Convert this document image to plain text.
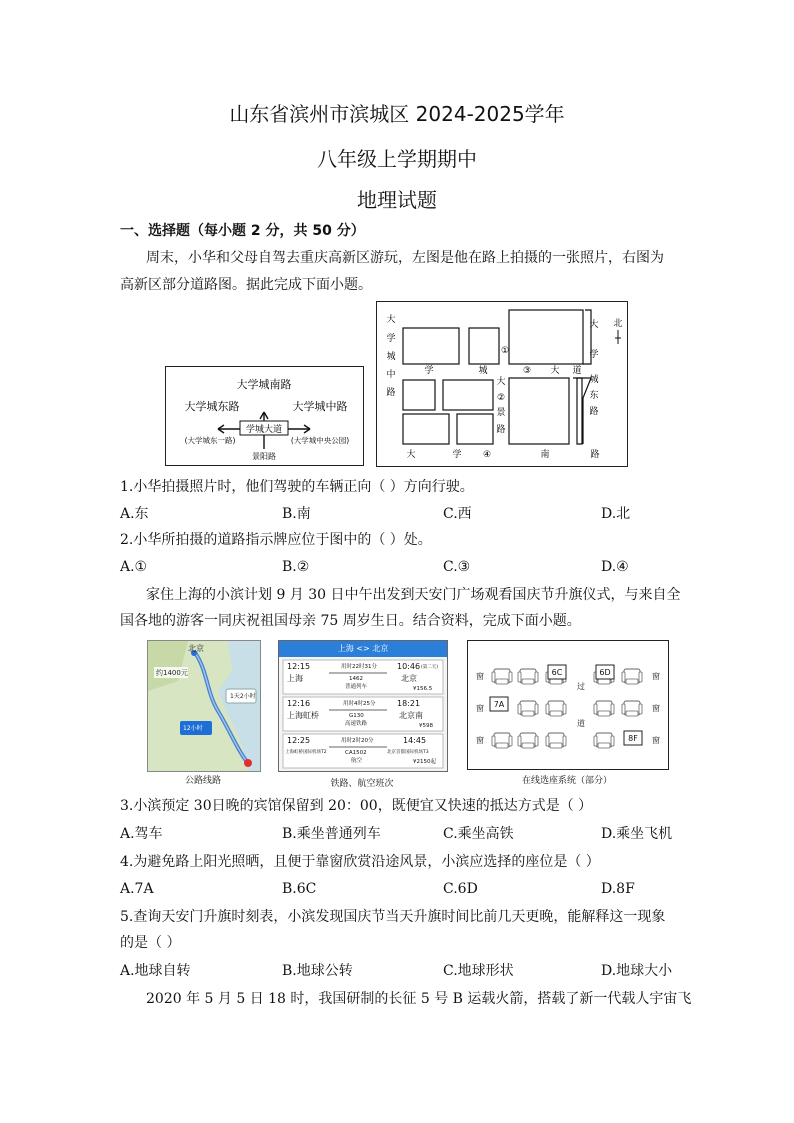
山东省滨州市滨城区 2024-2025学年
八年级上学期期中
地理试题
一、选择题（每小题 2 分，共 50 分）
周末，小华和父母自驾去重庆高新区游玩，左图是他在路上拍摄的一张照片，右图为
高新区部分道路图。据此完成下面小题。
大学城南路
大学城东路	大学城中路
学城大道
(大学城东一路)	(大学城中央公园)
景阳路
大
学
城
中
路
大
学
城
东
路
大
②
景
路
学	城	③ 大 道
大	学 ④	南	路
①
北
1.小华拍摄照片时，他们驾驶的车辆正向（ ）方向行驶。
A.东	B.南	C.西	D.北
2.小华所拍摄的道路指示牌应位于图中的（ ）处。
A.①	B.②	C.③	D.④
家住上海的小滨计划 9 月 30 日中午出发到天安门广场观看国庆节升旗仪式，与来自全
国各地的游客一同庆祝祖国母亲 75 周岁生日。结合资料，完成下面小题。
北京
约1400元
1天2小时
12小时
公路线路
上海 <> 北京
12:15
上海
用时22时31分
1462
普通列车
10:46 (第二天)
北京
¥156.5
12:16
上海虹桥
用时4时25分
G130
高速铁路
18:21
北京南
¥598
12:25
上海虹桥国际机场T2
用时2时20分
CA1502
航空
14:45
北京首都国际机场T3
¥2150起
铁路、航空班次
6C	6D
7A
8F
窗
窗
窗
窗
窗
窗
过
道
在线选座系统（部分）
3.小滨预定 30日晚的宾馆保留到 20：00，既便宜又快速的抵达方式是（ ）
A.驾车	B.乘坐普通列车	C.乘坐高铁	D.乘坐飞机
4.为避免路上阳光照晒，且便于靠窗欣赏沿途风景，小滨应选择的座位是（ ）
A.7A	B.6C	C.6D	D.8F
5.查询天安门升旗时刻表，小滨发现国庆节当天升旗时间比前几天更晚，能解释这一现象
的是（ ）
A.地球自转	B.地球公转	C.地球形状	D.地球大小
2020 年 5 月 5 日 18 时，我国研制的长征 5 号 B 运载火箭，搭载了新一代载人宇宙飞
